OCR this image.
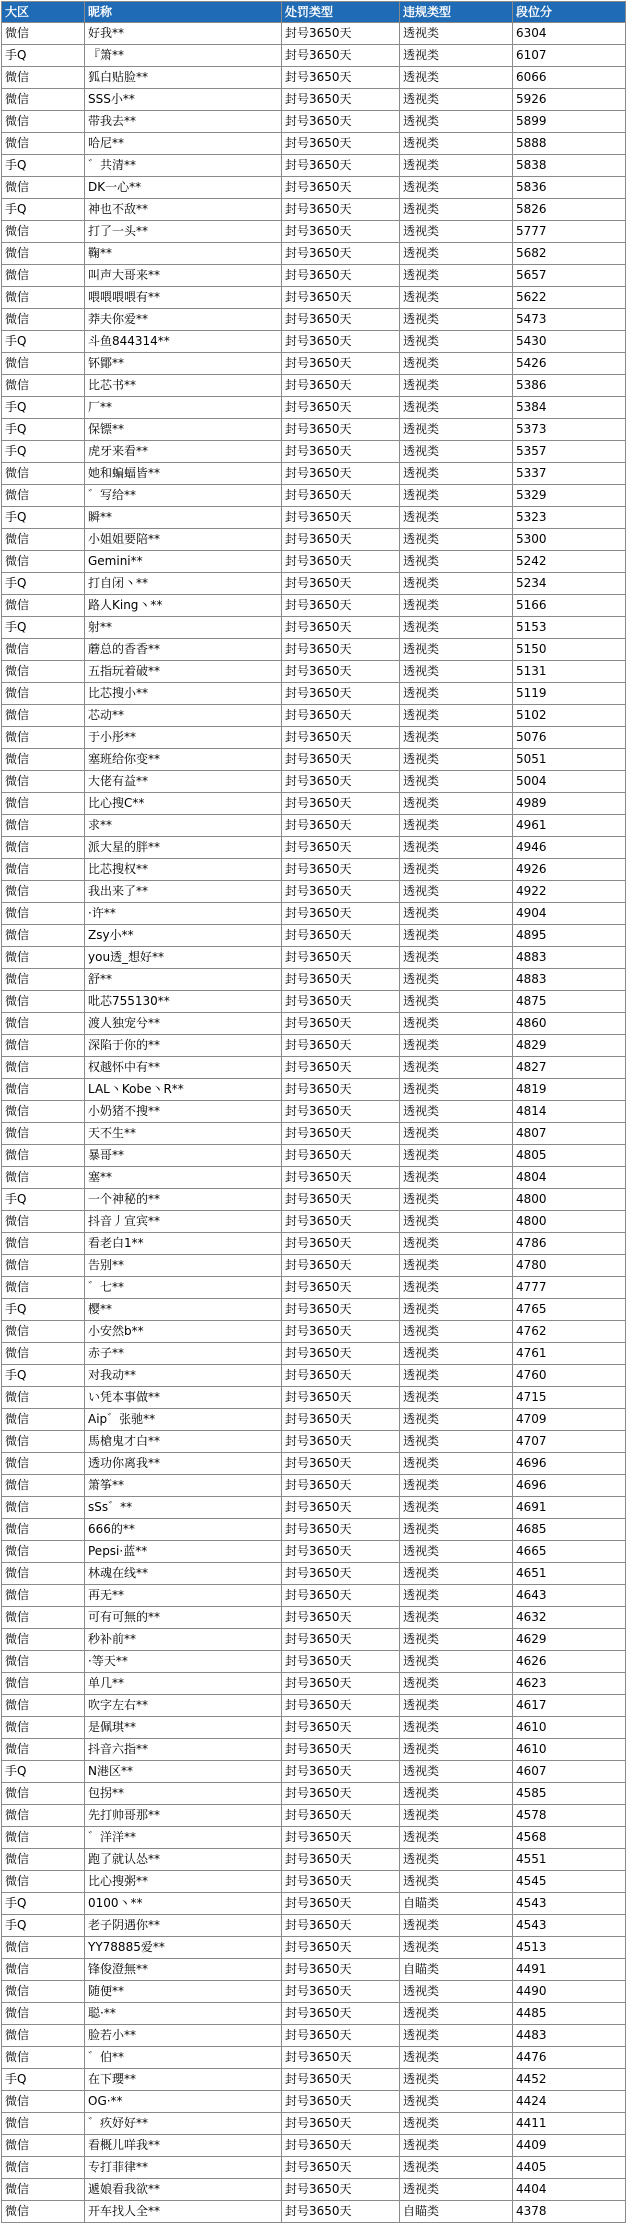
大区	昵称	处罚类型	违规类型	段位分
微信	好我**	封号3650天	透视类	6304
手Q	『箫**	封号3650天	透视类	6107
微信	狐白贴脸**	封号3650天	透视类	6066
微信	SSS小**	封号3650天	透视类	5926
微信	带我去**	封号3650天	透视类	5899
微信	哈尼**	封号3650天	透视类	5888
手Q	゛共清**	封号3650天	透视类	5838
微信	DK一心**	封号3650天	透视类	5836
手Q	神也不敌**	封号3650天	透视类	5826
微信	打了一头**	封号3650天	透视类	5777
微信	鞠**	封号3650天	透视类	5682
微信	叫声大哥来**	封号3650天	透视类	5657
微信	喂喂喂喂有**	封号3650天	透视类	5622
微信	莽夫你爱**	封号3650天	透视类	5473
手Q	斗鱼844314**	封号3650天	透视类	5430
微信	钚鄮**	封号3650天	透视类	5426
微信	比芯书**	封号3650天	透视类	5386
手Q	厂**	封号3650天	透视类	5384
手Q	保镖**	封号3650天	透视类	5373
手Q	虎牙来看**	封号3650天	透视类	5357
微信	她和蝙蝠皆**	封号3650天	透视类	5337
微信	゛写给**	封号3650天	透视类	5329
手Q	瞬**	封号3650天	透视类	5323
微信	小姐姐要陪**	封号3650天	透视类	5300
微信	Gemini**	封号3650天	透视类	5242
手Q	打自闭丶**	封号3650天	透视类	5234
微信	路人King丶**	封号3650天	透视类	5166
手Q	射**	封号3650天	透视类	5153
微信	蘑总的香香**	封号3650天	透视类	5150
微信	五指玩着破**	封号3650天	透视类	5131
微信	比芯搜小**	封号3650天	透视类	5119
微信	芯动**	封号3650天	透视类	5102
微信	于小彤**	封号3650天	透视类	5076
微信	塞班给你变**	封号3650天	透视类	5051
微信	大佬有益**	封号3650天	透视类	5004
微信	比心搜C**	封号3650天	透视类	4989
微信	求**	封号3650天	透视类	4961
微信	派大星的胖**	封号3650天	透视类	4946
微信	比芯搜权**	封号3650天	透视类	4926
微信	我出来了**	封号3650天	透视类	4922
微信	·许**	封号3650天	透视类	4904
微信	Zsy小**	封号3650天	透视类	4895
微信	you透_想好**	封号3650天	透视类	4883
微信	舒**	封号3650天	透视类	4883
微信	吡芯755130**	封号3650天	透视类	4875
微信	渡人独宠兮**	封号3650天	透视类	4860
微信	深陷于你的**	封号3650天	透视类	4829
微信	权越怀中有**	封号3650天	透视类	4827
微信	LAL丶Kobe丶R**	封号3650天	透视类	4819
微信	小奶猪不搜**	封号3650天	透视类	4814
微信	天不生**	封号3650天	透视类	4807
微信	暴哥**	封号3650天	透视类	4805
微信	塞**	封号3650天	透视类	4804
手Q	一个神秘的**	封号3650天	透视类	4800
微信	抖音丿宣宾**	封号3650天	透视类	4800
微信	看老白1**	封号3650天	透视类	4786
微信	告别**	封号3650天	透视类	4780
微信	゛七**	封号3650天	透视类	4777
手Q	樱**	封号3650天	透视类	4765
微信	小安然b**	封号3650天	透视类	4762
微信	赤子**	封号3650天	透视类	4761
手Q	对我动**	封号3650天	透视类	4760
微信	い凭本事做**	封号3650天	透视类	4715
微信	Aip゛张驰**	封号3650天	透视类	4709
微信	馬槍鬼才白**	封号3650天	透视类	4707
微信	透功你离我**	封号3650天	透视类	4696
微信	箫筝**	封号3650天	透视类	4696
微信	sSs゛**	封号3650天	透视类	4691
微信	666的**	封号3650天	透视类	4685
微信	Pepsi·蓝**	封号3650天	透视类	4665
微信	林魂在线**	封号3650天	透视类	4651
微信	再无**	封号3650天	透视类	4643
微信	可有可無的**	封号3650天	透视类	4632
微信	秒补前**	封号3650天	透视类	4629
微信	·等天**	封号3650天	透视类	4626
微信	单几**	封号3650天	透视类	4623
微信	吹字左右**	封号3650天	透视类	4617
微信	是佩琪**	封号3650天	透视类	4610
微信	抖音六指**	封号3650天	透视类	4610
手Q	N港区**	封号3650天	透视类	4607
微信	包拐**	封号3650天	透视类	4585
微信	先打帅哥那**	封号3650天	透视类	4578
微信	゛洋洋**	封号3650天	透视类	4568
微信	跑了就认怂**	封号3650天	透视类	4551
微信	比心搜粥**	封号3650天	透视类	4545
手Q	0100丶**	封号3650天	自瞄类	4543
手Q	老子阴遇你**	封号3650天	透视类	4543
微信	YY78885爱**	封号3650天	透视类	4513
微信	锋俊澄無**	封号3650天	自瞄类	4491
微信	随便**	封号3650天	透视类	4490
微信	聪·**	封号3650天	透视类	4485
微信	脸若小**	封号3650天	透视类	4483
微信	゛伯**	封号3650天	透视类	4476
手Q	在下瓔**	封号3650天	透视类	4452
微信	OG·**	封号3650天	透视类	4424
微信	゛疚妤好**	封号3650天	透视类	4411
微信	看概儿咩我**	封号3650天	透视类	4409
微信	专打菲律**	封号3650天	透视类	4405
微信	遞娘看我欲**	封号3650天	透视类	4404
微信	开车找人全**	封号3650天	自瞄类	4378
